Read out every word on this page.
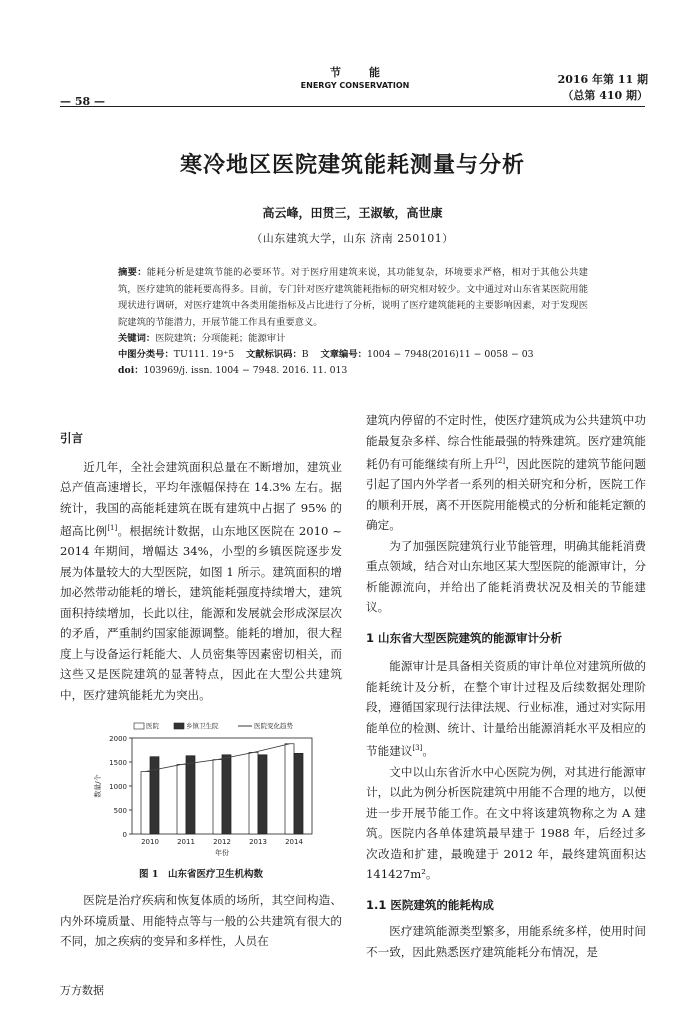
节能
ENERGY CONSERVATION
— 58 —
2016 年第 11 期
（总第 410 期）
寒冷地区医院建筑能耗测量与分析
高云峰，田贯三，王淑敏，高世康
（山东建筑大学，山东 济南 250101）
摘要：能耗分析是建筑节能的必要环节。对于医疗用建筑来说，其功能复杂，环境要求严格，相对于其他公共建筑，医疗建筑的能耗要高得多。目前，专门针对医疗建筑能耗指标的研究相对较少。文中通过对山东省某医院用能现状进行调研，对医疗建筑中各类用能指标及占比进行了分析，说明了医疗建筑能耗的主要影响因素，对于发现医院建筑的节能潜力，开展节能工作具有重要意义。
关键词：医院建筑；分项能耗；能源审计
中图分类号：TU111. 19⁺5 文献标识码：B 文章编号：1004 − 7948(2016)11 − 0058 − 03
doi：103969/j. issn. 1004 − 7948. 2016. 11. 013
引言

近几年，全社会建筑面积总量在不断增加，建筑业总产值高速增长，平均年涨幅保持在 14.3% 左右。据统计，我国的高能耗建筑在既有建筑中占据了 95% 的超高比例[1]。根据统计数据，山东地区医院在 2010 ~ 2014 年期间，增幅达 34%，小型的乡镇医院逐步发展为体量较大的大型医院，如图 1 所示。建筑面积的增加必然带动能耗的增长，建筑能耗强度持续增大，建筑面积持续增加，长此以往，能源和发展就会形成深层次的矛盾，严重制约国家能源调整。能耗的增加，很大程度上与设备运行耗能大、人员密集等因素密切相关，而这些又是医院建筑的显著特点，因此在大型公共建筑中，医疗建筑能耗尤为突出。

0
500
1000
1500
2000
数量/个
2010	2011	2012	2013	2014
年份
医院	乡镇卫生院	医院变化趋势
图 1　山东省医疗卫生机构数

医院是治疗疾病和恢复体质的场所，其空间构造、内外环境质量、用能特点等与一般的公共建筑有很大的不同，加之疾病的变异和多样性，人员在

建筑内停留的不定时性，使医疗建筑成为公共建筑中功能最复杂多样、综合性能最强的特殊建筑。医疗建筑能耗仍有可能继续有所上升[2]，因此医院的建筑节能问题引起了国内外学者一系列的相关研究和分析，医院工作的顺利开展，离不开医院用能模式的分析和能耗定额的确定。

为了加强医院建筑行业节能管理，明确其能耗消费重点领域，结合对山东地区某大型医院的能源审计，分析能源流向，并给出了能耗消费状况及相关的节能建议。

1 山东省大型医院建筑的能源审计分析

能源审计是具备相关资质的审计单位对建筑所做的能耗统计及分析，在整个审计过程及后续数据处理阶段，遵循国家现行法律法规、行业标准，通过对实际用能单位的检测、统计、计量给出能源消耗水平及相应的节能建议[3]。

文中以山东省沂水中心医院为例，对其进行能源审计，以此为例分析医院建筑中用能不合理的地方，以便进一步开展节能工作。在文中将该建筑物称之为 A 建筑。医院内各单体建筑最早建于 1988 年，后经过多次改造和扩建，最晚建于 2012 年，最终建筑面积达 141427m²。

1.1 医院建筑的能耗构成

医疗建筑能源类型繁多，用能系统多样，使用时间不一致，因此熟悉医疗建筑能耗分布情况，是

万方数据
